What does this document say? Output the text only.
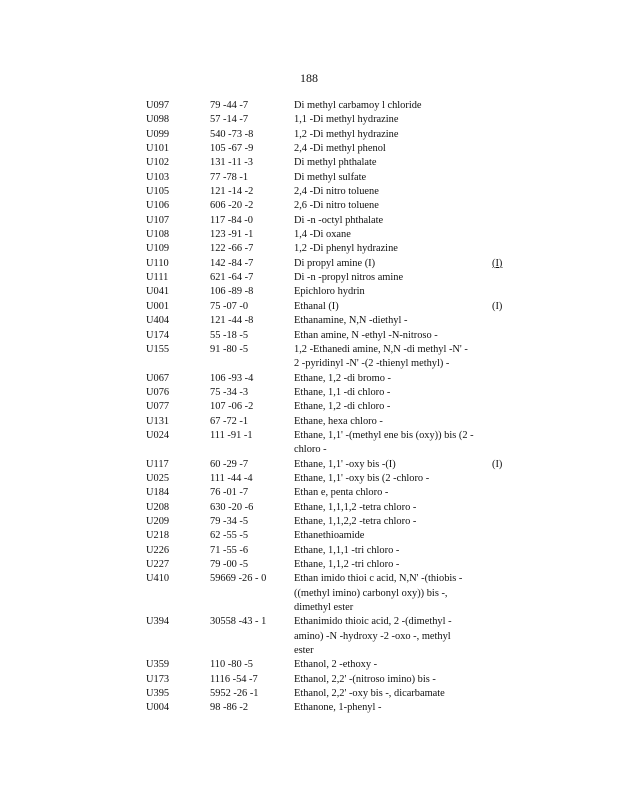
188
U097	79 -44 -7	Di methyl carbamoy l chloride
U098	57 -14 -7	1,1 -Di methyl hydrazine
U099	540 -73 -8	1,2 -Di methyl hydrazine
U101	105 -67 -9	2,4 -Di methyl phenol
U102	131 -11 -3	Di methyl phthalate
U103	77 -78 -1	Di methyl sulfate
U105	121 -14 -2	2,4 -Di nitro toluene
U106	606 -20 -2	2,6 -Di nitro toluene
U107	117 -84 -0	Di -n -octyl phthalate
U108	123 -91 -1	1,4 -Di oxane
U109	122 -66 -7	1,2 -Di phenyl hydrazine
U110	142 -84 -7	Di propyl amine (I)	(I)
U111	621 -64 -7	Di -n -propyl nitros amine
U041	106 -89 -8	Epichloro hydrin
U001	75 -07 -0	Ethanal (I)	(I)
U404	121 -44 -8	Ethanamine, N,N -diethyl -
U174	55 -18 -5	Ethan amine, N -ethyl -N-nitroso -
U155	91 -80 -5	1,2 -Ethanedi amine, N,N -di methyl -N' -
2 -pyridinyl -N' -(2 -thienyl methyl) -
U067	106 -93 -4	Ethane, 1,2 -di bromo -
U076	75 -34 -3	Ethane, 1,1 -di chloro -
U077	107 -06 -2	Ethane, 1,2 -di chloro -
U131	67 -72 -1	Ethane, hexa chloro -
U024	111 -91 -1	Ethane, 1,1' -(methyl ene bis (oxy)) bis (2 -
chloro -
U117	60 -29 -7	Ethane, 1,1' -oxy bis -(I)	(I)
U025	111 -44 -4	Ethane, 1,1' -oxy bis (2 -chloro -
U184	76 -01 -7	Ethan e, penta chloro -
U208	630 -20 -6	Ethane, 1,1,1,2 -tetra chloro -
U209	79 -34 -5	Ethane, 1,1,2,2 -tetra chloro -
U218	62 -55 -5	Ethanethioamide
U226	71 -55 -6	Ethane, 1,1,1 -tri chloro -
U227	79 -00 -5	Ethane, 1,1,2 -tri chloro -
U410	59669 -26 - 0	Ethan imido thioi c acid, N,N' -(thiobis -
((methyl imino) carbonyl oxy)) bis -,
dimethyl ester
U394	30558 -43 - 1	Ethanimido thioic acid, 2 -(dimethyl -
amino) -N -hydroxy -2 -oxo -, methyl
ester
U359	110 -80 -5	Ethanol, 2 -ethoxy -
U173	1116 -54 -7	Ethanol, 2,2' -(nitroso imino) bis -
U395	5952 -26 -1	Ethanol, 2,2' -oxy bis -, dicarbamate
U004	98 -86 -2	Ethanone, 1-phenyl -
